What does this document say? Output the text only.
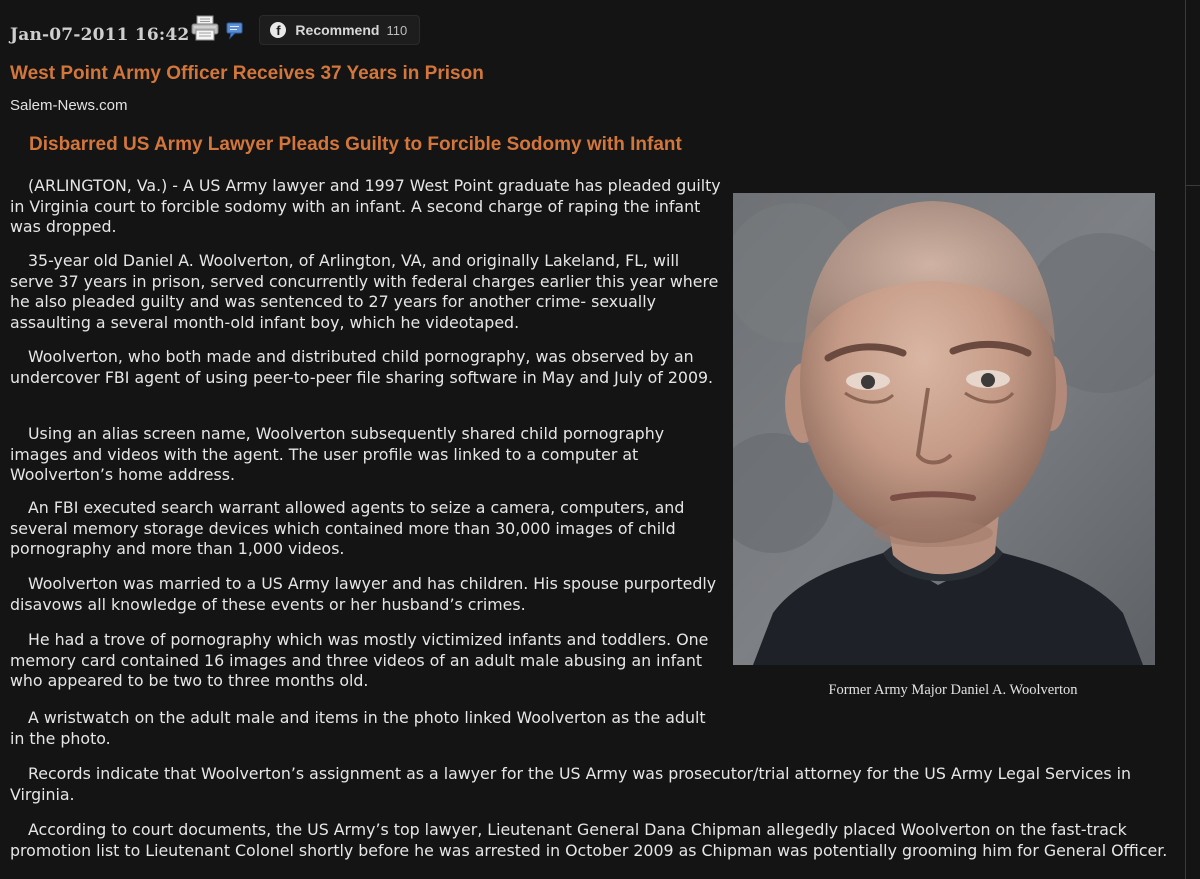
Jan-07-2011 16:42	f	Recommend 110
West Point Army Officer Receives 37 Years in Prison
Salem-News.com
Disbarred US Army Lawyer Pleads Guilty to Forcible Sodomy with Infant

(ARLINGTON, Va.) - A US Army lawyer and 1997 West Point graduate has pleaded guilty in Virginia court to forcible sodomy with an infant. A second charge of raping the infant was dropped.

35-year old Daniel A. Woolverton, of Arlington, VA, and originally Lakeland, FL, will serve 37 years in prison, served concurrently with federal charges earlier this year where he also pleaded guilty and was sentenced to 27 years for another crime- sexually assaulting a several month-old infant boy, which he videotaped.

Woolverton, who both made and distributed child pornography, was observed by an undercover FBI agent of using peer-to-peer file sharing software in May and July of 2009.

Using an alias screen name, Woolverton subsequently shared child pornography images and videos with the agent. The user profile was linked to a computer at Woolverton’s home address.

An FBI executed search warrant allowed agents to seize a camera, computers, and several memory storage devices which contained more than 30,000 images of child pornography and more than 1,000 videos.

Woolverton was married to a US Army lawyer and has children. His spouse purportedly disavows all knowledge of these events or her husband’s crimes.

He had a trove of pornography which was mostly victimized infants and toddlers. One memory card contained 16 images and three videos of an adult male abusing an infant who appeared to be two to three months old.

A wristwatch on the adult male and items in the photo linked Woolverton as the adult in the photo.

Records indicate that Woolverton’s assignment as a lawyer for the US Army was prosecutor/trial attorney for the US Army Legal Services in Virginia.

According to court documents, the US Army’s top lawyer, Lieutenant General Dana Chipman allegedly placed Woolverton on the fast-track promotion list to Lieutenant Colonel shortly before he was arrested in October 2009 as Chipman was potentially grooming him for General Officer.

Former Army Major Daniel A. Woolverton
